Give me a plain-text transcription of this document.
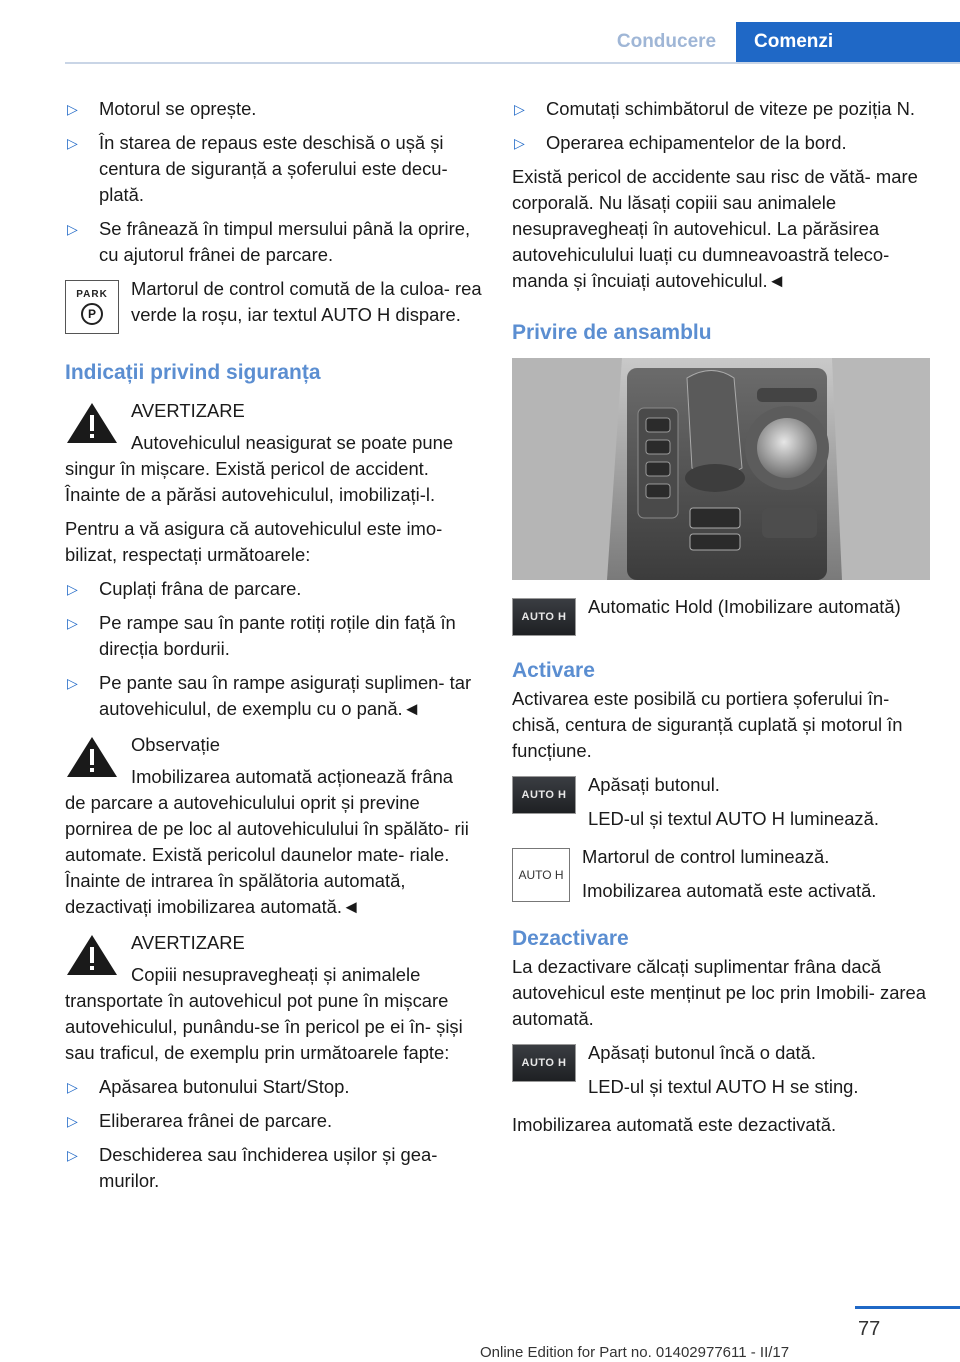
Conducere	Comenzi
▷	Motorul se oprește.
▷	În starea de repaus este deschisă o ușă și centura de siguranță a șoferului este decu‐ plată.
▷	Se frânează în timpul mersului până la oprire, cu ajutorul frânei de parcare.
PARK
P
Martorul de control comută de la culoa‐ rea verde la roșu, iar textul AUTO H dispare.
Indicații privind siguranța
AVERTIZARE
Autovehiculul neasigurat se poate pune
singur în mișcare. Există pericol de accident. Înainte de a părăsi autovehiculul, imobilizați-l.

Pentru a vă asigura că autovehiculul este imo‐ bilizat, respectați următoarele:

▷	Cuplați frâna de parcare.
▷	Pe rampe sau în pante rotiți roțile din față în direcția bordurii.
▷	Pe pante sau în rampe asigurați suplimen‐ tar autovehiculul, de exemplu cu o pană.◄
Observație
Imobilizarea automată acționează frâna
de parcare a autovehiculului oprit și previne pornirea de pe loc al autovehiculului în spălăto‐ rii automate. Există pericolul daunelor mate‐ riale. Înainte de intrarea în spălătoria automată, dezactivați imobilizarea automată.◄
AVERTIZARE
Copiii nesupravegheați și animalele
transportate în autovehicul pot pune în mișcare autovehiculul, punându-se în pericol pe ei în‐ șiși sau traficul, de exemplu prin următoarele fapte:
▷	Apăsarea butonului Start/Stop.
▷	Eliberarea frânei de parcare.
▷	Deschiderea sau închiderea ușilor și gea‐ murilor.
▷	Comutați schimbătorul de viteze pe poziția N.
▷	Operarea echipamentelor de la bord.

Există pericol de accidente sau risc de vătă‐ mare corporală. Nu lăsați copiii sau animalele nesupravegheați în autovehicul. La părăsirea autovehiculului luați cu dumneavoastră teleco‐ manda și încuiați autovehiculul.◄

Privire de ansamblu
AUTO H	Automatic Hold (Imobilizare automată)
Activare

Activarea este posibilă cu portiera șoferului în‐ chisă, centura de siguranță cuplată și motorul în funcțiune.

AUTO H	Apăsați butonul.
LED-ul și textul AUTO H luminează.
AUTO H
Martorul de control luminează.
Imobilizarea automată este activată.
Dezactivare

La dezactivare călcați suplimentar frâna dacă autovehicul este menținut pe loc prin Imobili‐ zarea automată.

AUTO H	Apăsați butonul încă o dată.
LED-ul și textul AUTO H se sting.

Imobilizarea automată este dezactivată.

77
Online Edition for Part no. 01402977611 - II/17
